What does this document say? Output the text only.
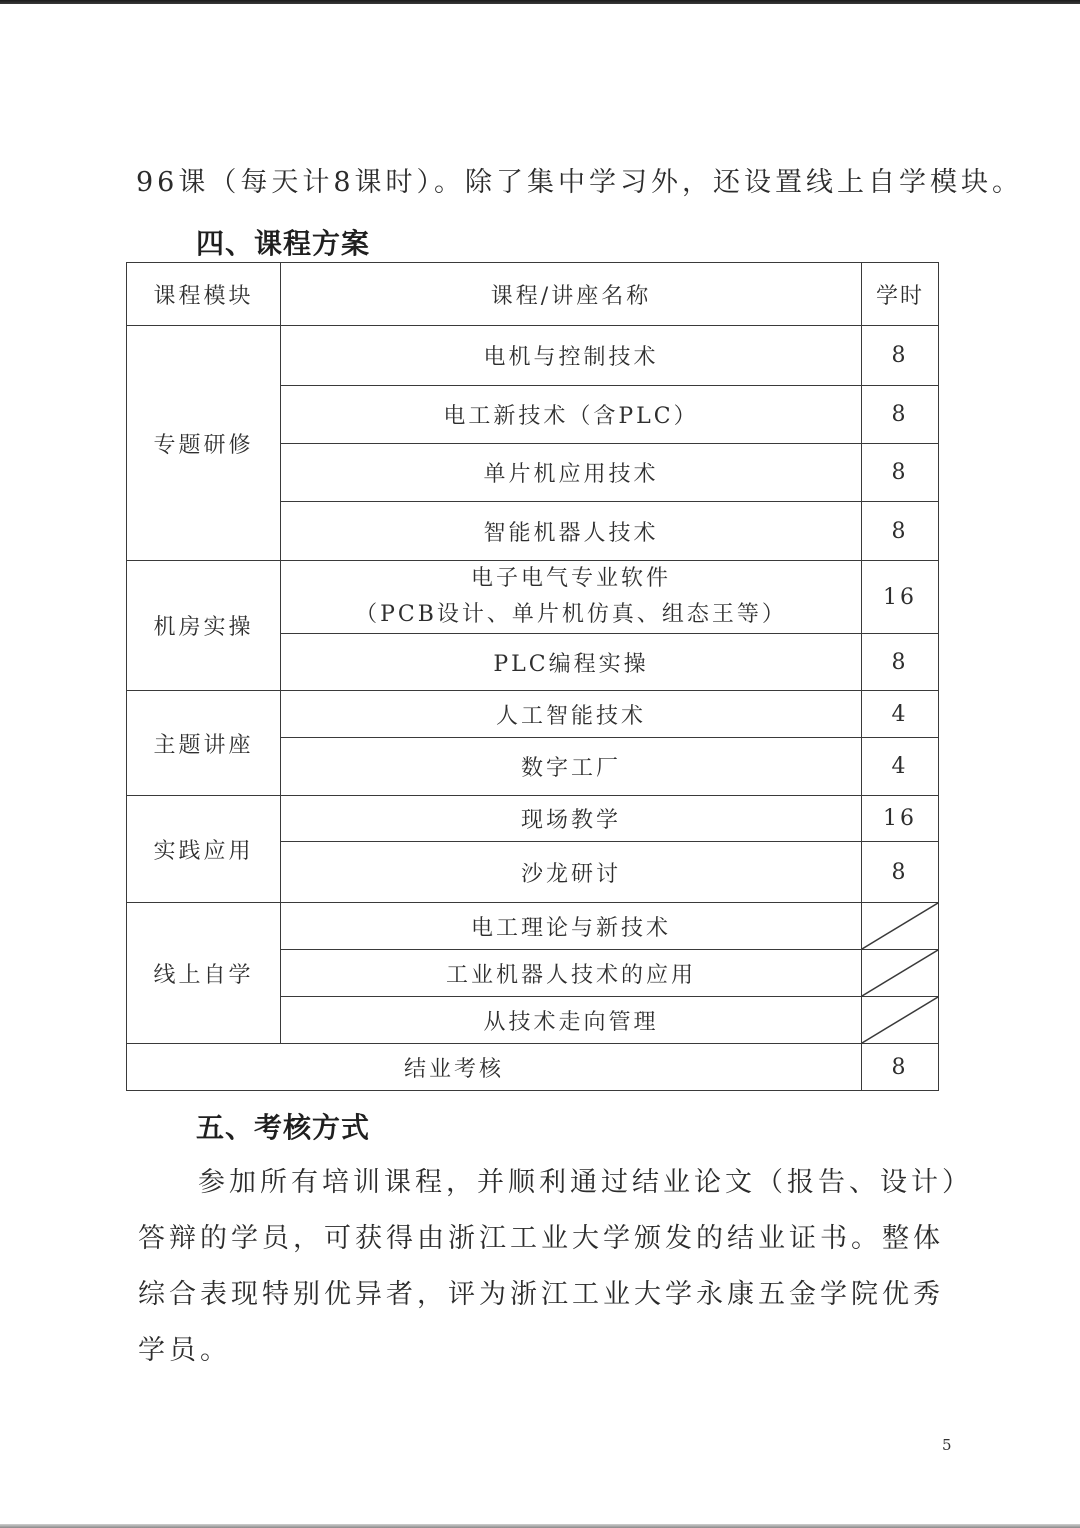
96课（每天计8课时）。除了集中学习外，还设置线上自学模块。
四、课程方案
课程模块	课程/讲座名称	学时
专题研修	电机与控制技术	8
	电工新技术（含PLC）	8
	单片机应用技术	8
	智能机器人技术	8
机房实操	电子电气专业软件
（PCB设计、单片机仿真、组态王等）	16
	PLC编程实操	8
主题讲座	人工智能技术	4
	数字工厂	4
实践应用	现场教学	16
	沙龙研讨	8
线上自学	电工理论与新技术	

	工业机器人技术的应用	

	从技术走向管理	

结业考核		8
五、考核方式
参加所有培训课程，并顺利通过结业论文（报告、设计）
答辩的学员，可获得由浙江工业大学颁发的结业证书。整体
综合表现特别优异者，评为浙江工业大学永康五金学院优秀
学员。
5
